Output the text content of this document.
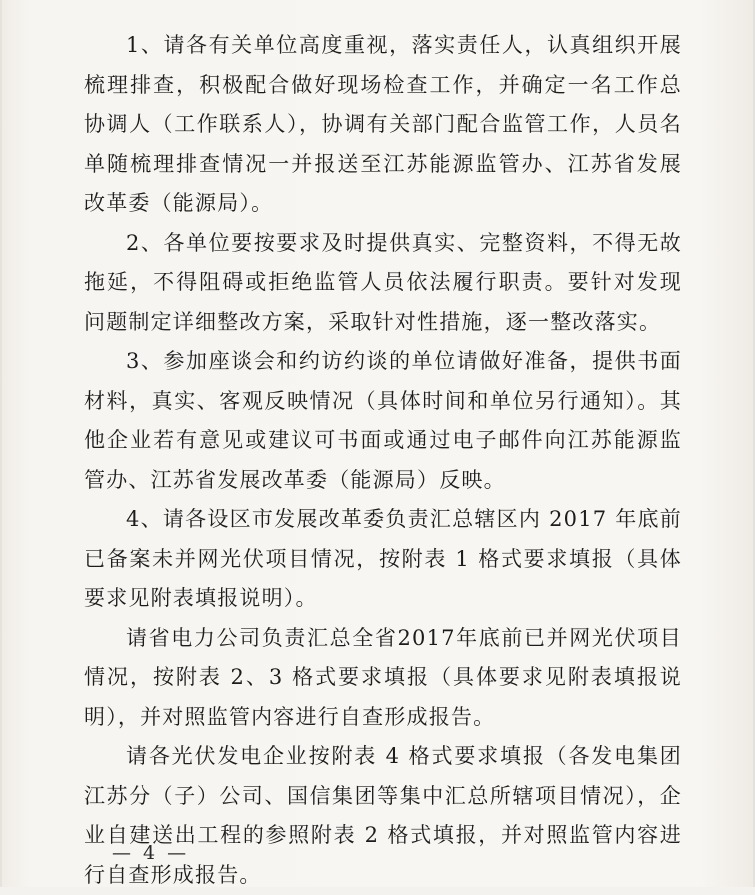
1、请各有关单位高度重视，落实责任人，认真组织开展梳理排查，积极配合做好现场检查工作，并确定一名工作总协调人（工作联系人），协调有关部门配合监管工作，人员名单随梳理排查情况一并报送至江苏能源监管办、江苏省发展改革委（能源局）。

2、各单位要按要求及时提供真实、完整资料，不得无故拖延，不得阻碍或拒绝监管人员依法履行职责。要针对发现问题制定详细整改方案，采取针对性措施，逐一整改落实。

3、参加座谈会和约访约谈的单位请做好准备，提供书面材料，真实、客观反映情况（具体时间和单位另行通知）。其他企业若有意见或建议可书面或通过电子邮件向江苏能源监管办、江苏省发展改革委（能源局）反映。

4、请各设区市发展改革委负责汇总辖区内 2017 年底前已备案未并网光伏项目情况，按附表 1 格式要求填报（具体要求见附表填报说明）。

请省电力公司负责汇总全省2017年底前已并网光伏项目情况，按附表 2、3 格式要求填报（具体要求见附表填报说明），并对照监管内容进行自查形成报告。

请各光伏发电企业按附表 4 格式要求填报（各发电集团江苏分（子）公司、国信集团等集中汇总所辖项目情况），企业自建送出工程的参照附表 2 格式填报，并对照监管内容进行自查形成报告。

— 4 —
